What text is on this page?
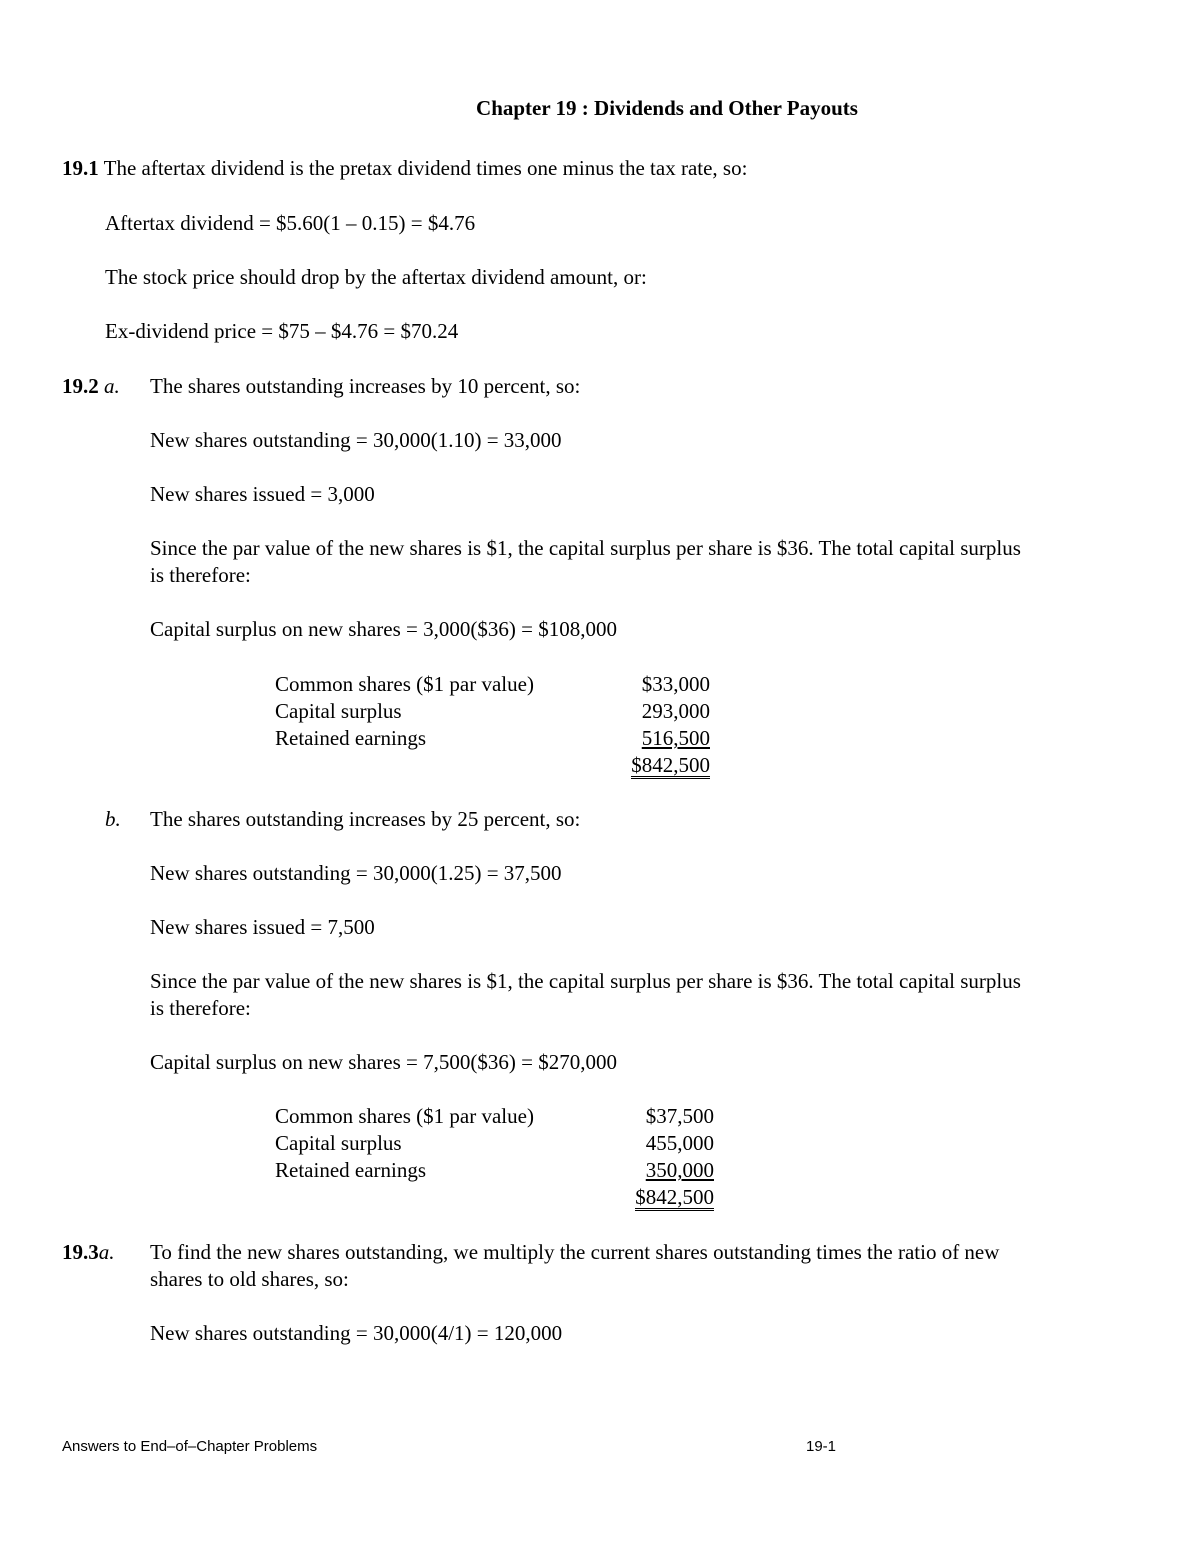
Chapter 19 : Dividends and Other Payouts
19.1 The aftertax dividend is the pretax dividend times one minus the tax rate, so:
Aftertax dividend = $5.60(1 – 0.15) = $4.76
The stock price should drop by the aftertax dividend amount, or:
Ex-dividend price = $75 – $4.76 = $70.24
19.2 a. The shares outstanding increases by 10 percent, so:
New shares outstanding = 30,000(1.10) = 33,000
New shares issued = 3,000
Since the par value of the new shares is $1, the capital surplus per share is $36. The total capital surplus
is therefore:
Capital surplus on new shares = 3,000($36) = $108,000
Common shares ($1 par value)	$33,000
Capital surplus	293,000
Retained earnings	516,500
$842,500
b. The shares outstanding increases by 25 percent, so:
New shares outstanding = 30,000(1.25) = 37,500
New shares issued = 7,500
Since the par value of the new shares is $1, the capital surplus per share is $36. The total capital surplus
is therefore:
Capital surplus on new shares = 7,500($36) = $270,000
Common shares ($1 par value)	$37,500
Capital surplus	455,000
Retained earnings	350,000
$842,500
19.3a. To find the new shares outstanding, we multiply the current shares outstanding times the ratio of new
shares to old shares, so:
New shares outstanding = 30,000(4/1) = 120,000
Answers to End–of–Chapter Problems	19-1
